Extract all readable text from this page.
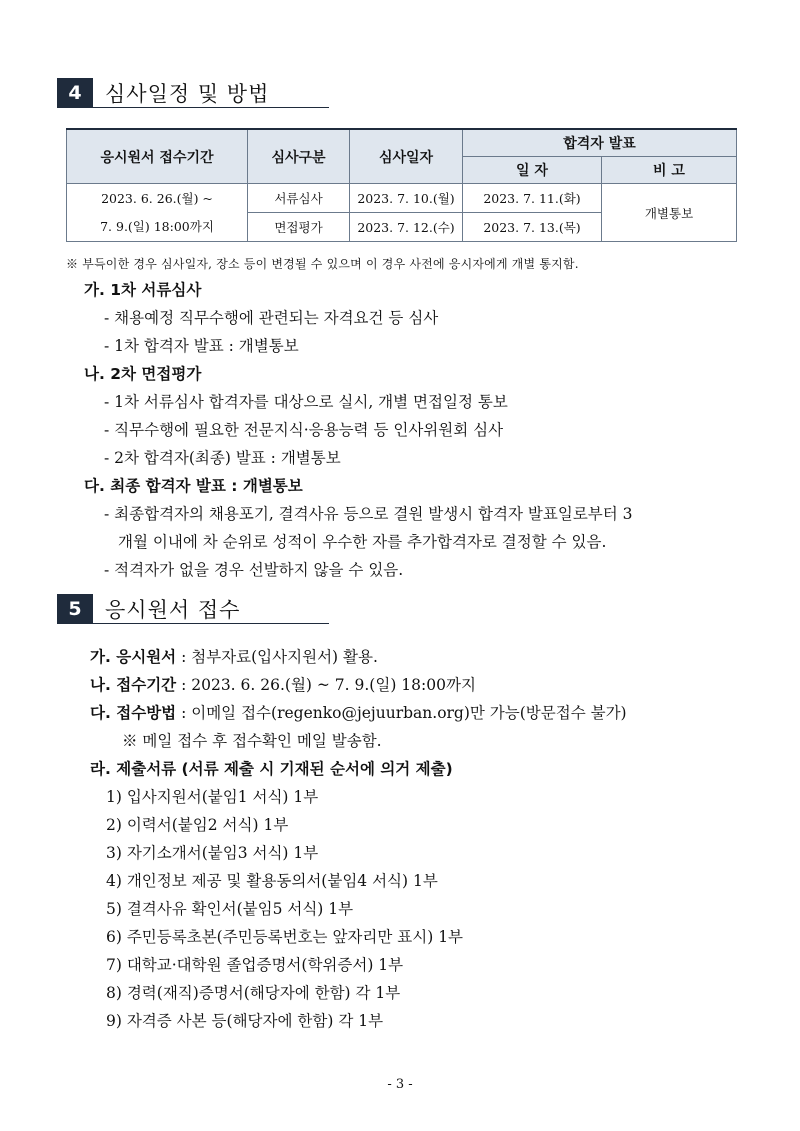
4	심사일정 및 방법
응시원서 접수기간	심사구분	심사일자	합격자 발표	
			일 자	비 고

2023. 6. 26.(월) ~
7. 9.(일) 18:00까지	서류심사	2023. 7. 10.(월)	2023. 7. 11.(화)	개별통보
	면접평가	2023. 7. 12.(수)	2023. 7. 13.(목)	
※ 부득이한 경우 심사일자, 장소 등이 변경될 수 있으며 이 경우 사전에 응시자에게 개별 통지함.
가. 1차 서류심사
- 채용예정 직무수행에 관련되는 자격요건 등 심사
- 1차 합격자 발표 : 개별통보
나. 2차 면접평가
- 1차 서류심사 합격자를 대상으로 실시, 개별 면접일정 통보
- 직무수행에 필요한 전문지식·응용능력 등 인사위원회 심사
- 2차 합격자(최종) 발표 : 개별통보
다. 최종 합격자 발표 : 개별통보
- 최종합격자의 채용포기, 결격사유 등으로 결원 발생시 합격자 발표일로부터 3
개월 이내에 차 순위로 성적이 우수한 자를 추가합격자로 결정할 수 있음.
- 적격자가 없을 경우 선발하지 않을 수 있음.
5	응시원서 접수
가. 응시원서 : 첨부자료(입사지원서) 활용.
나. 접수기간 : 2023. 6. 26.(월) ~ 7. 9.(일) 18:00까지
다. 접수방법 : 이메일 접수(regenko@jejuurban.org)만 가능(방문접수 불가)
※ 메일 접수 후 접수확인 메일 발송함.
라. 제출서류 (서류 제출 시 기재된 순서에 의거 제출)
1) 입사지원서(붙임1 서식) 1부
2) 이력서(붙임2 서식) 1부
3) 자기소개서(붙임3 서식) 1부
4) 개인정보 제공 및 활용동의서(붙임4 서식) 1부
5) 결격사유 확인서(붙임5 서식) 1부
6) 주민등록초본(주민등록번호는 앞자리만 표시) 1부
7) 대학교·대학원 졸업증명서(학위증서) 1부
8) 경력(재직)증명서(해당자에 한함) 각 1부
9) 자격증 사본 등(해당자에 한함) 각 1부
- 3 -
